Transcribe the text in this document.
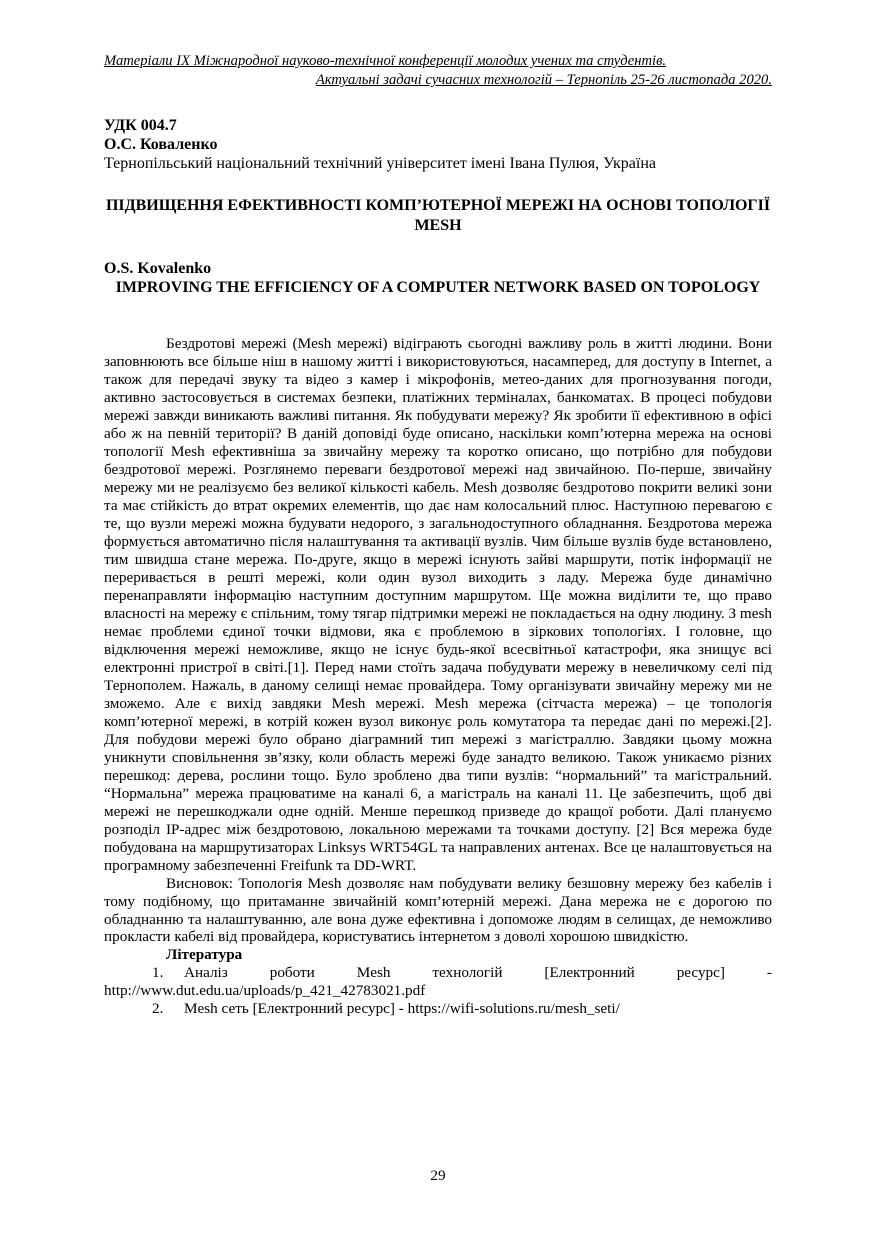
Матеріали IX Міжнародної науково-технічної конференції молодих учених та студентів.
Актуальні задачі сучасних технологій – Тернопіль 25-26 листопада 2020.
УДК 004.7
О.С. Коваленко
Тернопільський національний технічний університет імені Івана Пулюя, Україна
ПІДВИЩЕННЯ ЕФЕКТИВНОСТІ КОМП’ЮТЕРНОЇ МЕРЕЖІ НА ОСНОВІ ТОПОЛОГІЇ MESH
O.S. Kovalenko
IMPROVING THE EFFICIENCY OF A COMPUTER NETWORK BASED ON TOPOLOGY

Бездротові мережі (Mesh мережі) відіграють сьогодні важливу роль в житті людини. Вони заповнюють все більше ніш в нашому житті і використовуються, насамперед, для доступу в Internet, а також для передачі звуку та відео з камер і мікрофонів, метео-даних для прогнозування погоди, активно застосовується в системах безпеки, платіжних терміналах, банкоматах. В процесі побудови мережі завжди виникають важливі питання. Як побудувати мережу? Як зробити її ефективною в офісі або ж на певній території? В даній доповіді буде описано, наскільки комп’ютерна мережа на основі топології Mesh ефективніша за звичайну мережу та коротко описано, що потрібно для побудови бездротової мережі. Розглянемо переваги бездротової мережі над звичайною. По-перше, звичайну мережу ми не реалізуємо без великої кількості кабель. Mesh дозволяє бездротово покрити великі зони та має стійкість до втрат окремих елементів, що дає нам колосальний плюс. Наступною перевагою є те, що вузли мережі можна будувати недорого, з загальнодоступного обладнання. Бездротова мережа формується автоматично після налаштування та активації вузлів. Чим більше вузлів буде встановлено, тим швидша стане мережа. По-друге, якщо в мережі існують зайві маршрути, потік інформації не переривається в решті мережі, коли один вузол виходить з ладу. Мережа буде динамічно перенаправляти інформацію наступним доступним маршрутом. Ще можна виділити те, що право власності на мережу є спільним, тому тягар підтримки мережі не покладається на одну людину. З mesh немає проблеми єдиної точки відмови, яка є проблемою в зіркових топологіях. І головне, що відключення мережі неможливе, якщо не існує будь-якої всесвітньої катастрофи, яка знищує всі електронні пристрої в світі.[1]. Перед нами стоїть задача побудувати мережу в невеличкому селі під Тернополем. Нажаль, в даному селищі немає провайдера. Тому організувати звичайну мережу ми не зможемо. Але є вихід завдяки Mesh мережі. Mesh мережа (сітчаста мережа) – це топологія комп’ютерної мережі, в котрій кожен вузол виконує роль комутатора та передає дані по мережі.[2]. Для побудови мережі було обрано діаграмний тип мережі з магістраллю. Завдяки цьому можна уникнути сповільнення зв’язку, коли область мережі буде занадто великою. Також уникаємо різних перешкод: дерева, рослини тощо. Було зроблено два типи вузлів: “нормальний” та магістральний. “Нормальна” мережа працюватиме на каналі 6, а магістраль на каналі 11. Це забезпечить, щоб дві мережі не перешкоджали одне одній. Менше перешкод призведе до кращої роботи. Далі плануємо розподіл IP-адрес між бездротовою, локальною мережами та точками доступу. [2] Вся мережа буде побудована на маршрутизаторах Linksys WRT54GL та направлених антенах. Все це налаштовується на програмному забезпеченні Freifunk та DD-WRT.

Висновок: Топологія Mesh дозволяє нам побудувати велику безшовну мережу без кабелів і тому подібному, що притаманне звичайній комп’ютерній мережі. Дана мережа не є дорогою по обладнанню та налаштуванню, але вона дуже ефективна і допоможе людям в селищах, де неможливо прокласти кабелі від провайдера, користуватись інтернетом з доволі хорошою швидкістю.

Література
1. Аналіз	роботи	Mesh	технологій	[Електронний	ресурс]	-
http://www.dut.edu.ua/uploads/p_421_42783021.pdf
2. Mesh сеть [Електронний ресурс] - https://wifi-solutions.ru/mesh_seti/
29
